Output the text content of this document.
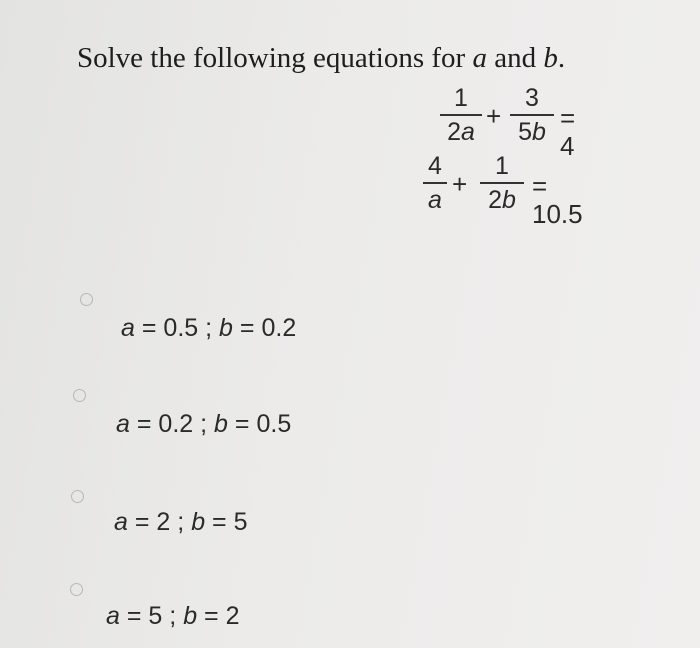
Solve the following equations for a and b.
1
2a
+
3
5b = 4
4
a
+
1
2b = 10.5
a = 0.5 ; b = 0.2
a = 0.2 ; b = 0.5
a = 2 ; b = 5
a = 5 ; b = 2
